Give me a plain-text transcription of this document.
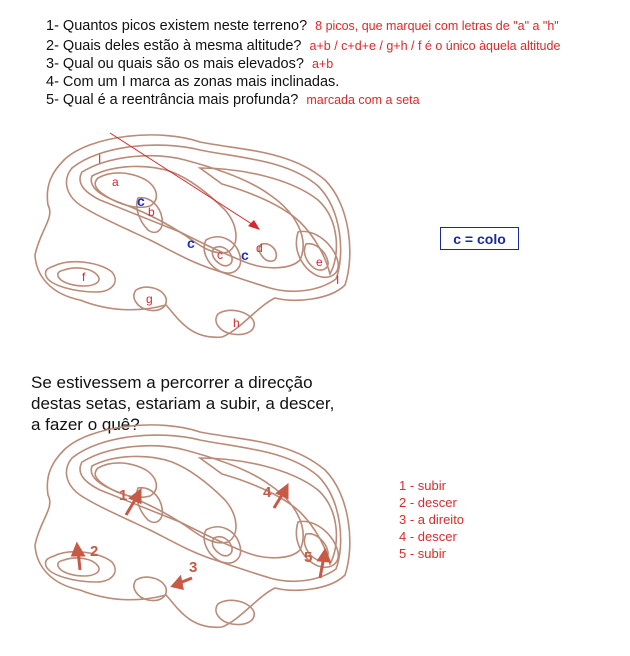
1- Quantos picos existem neste terreno? 8 picos, que marquei com letras de "a" a "h"
2- Quais deles estão à mesma altitude? a+b / c+d+e / g+h / f é o único àquela altitude
3- Qual ou quais são os mais elevados? a+b
4- Com um I marca as zonas mais inclinadas.
5- Qual é a reentrância mais profunda? marcada com a seta
a
b
c	d
e
f
g
h
c
c
c
I
I
c = colo
Se estivessem a percorrer a direcção
destas setas, estariam a subir, a descer,
a fazer o quê?
1
2
3
4
5
1 - subir
2 - descer
3 - a direito
4 - descer
5 - subir
